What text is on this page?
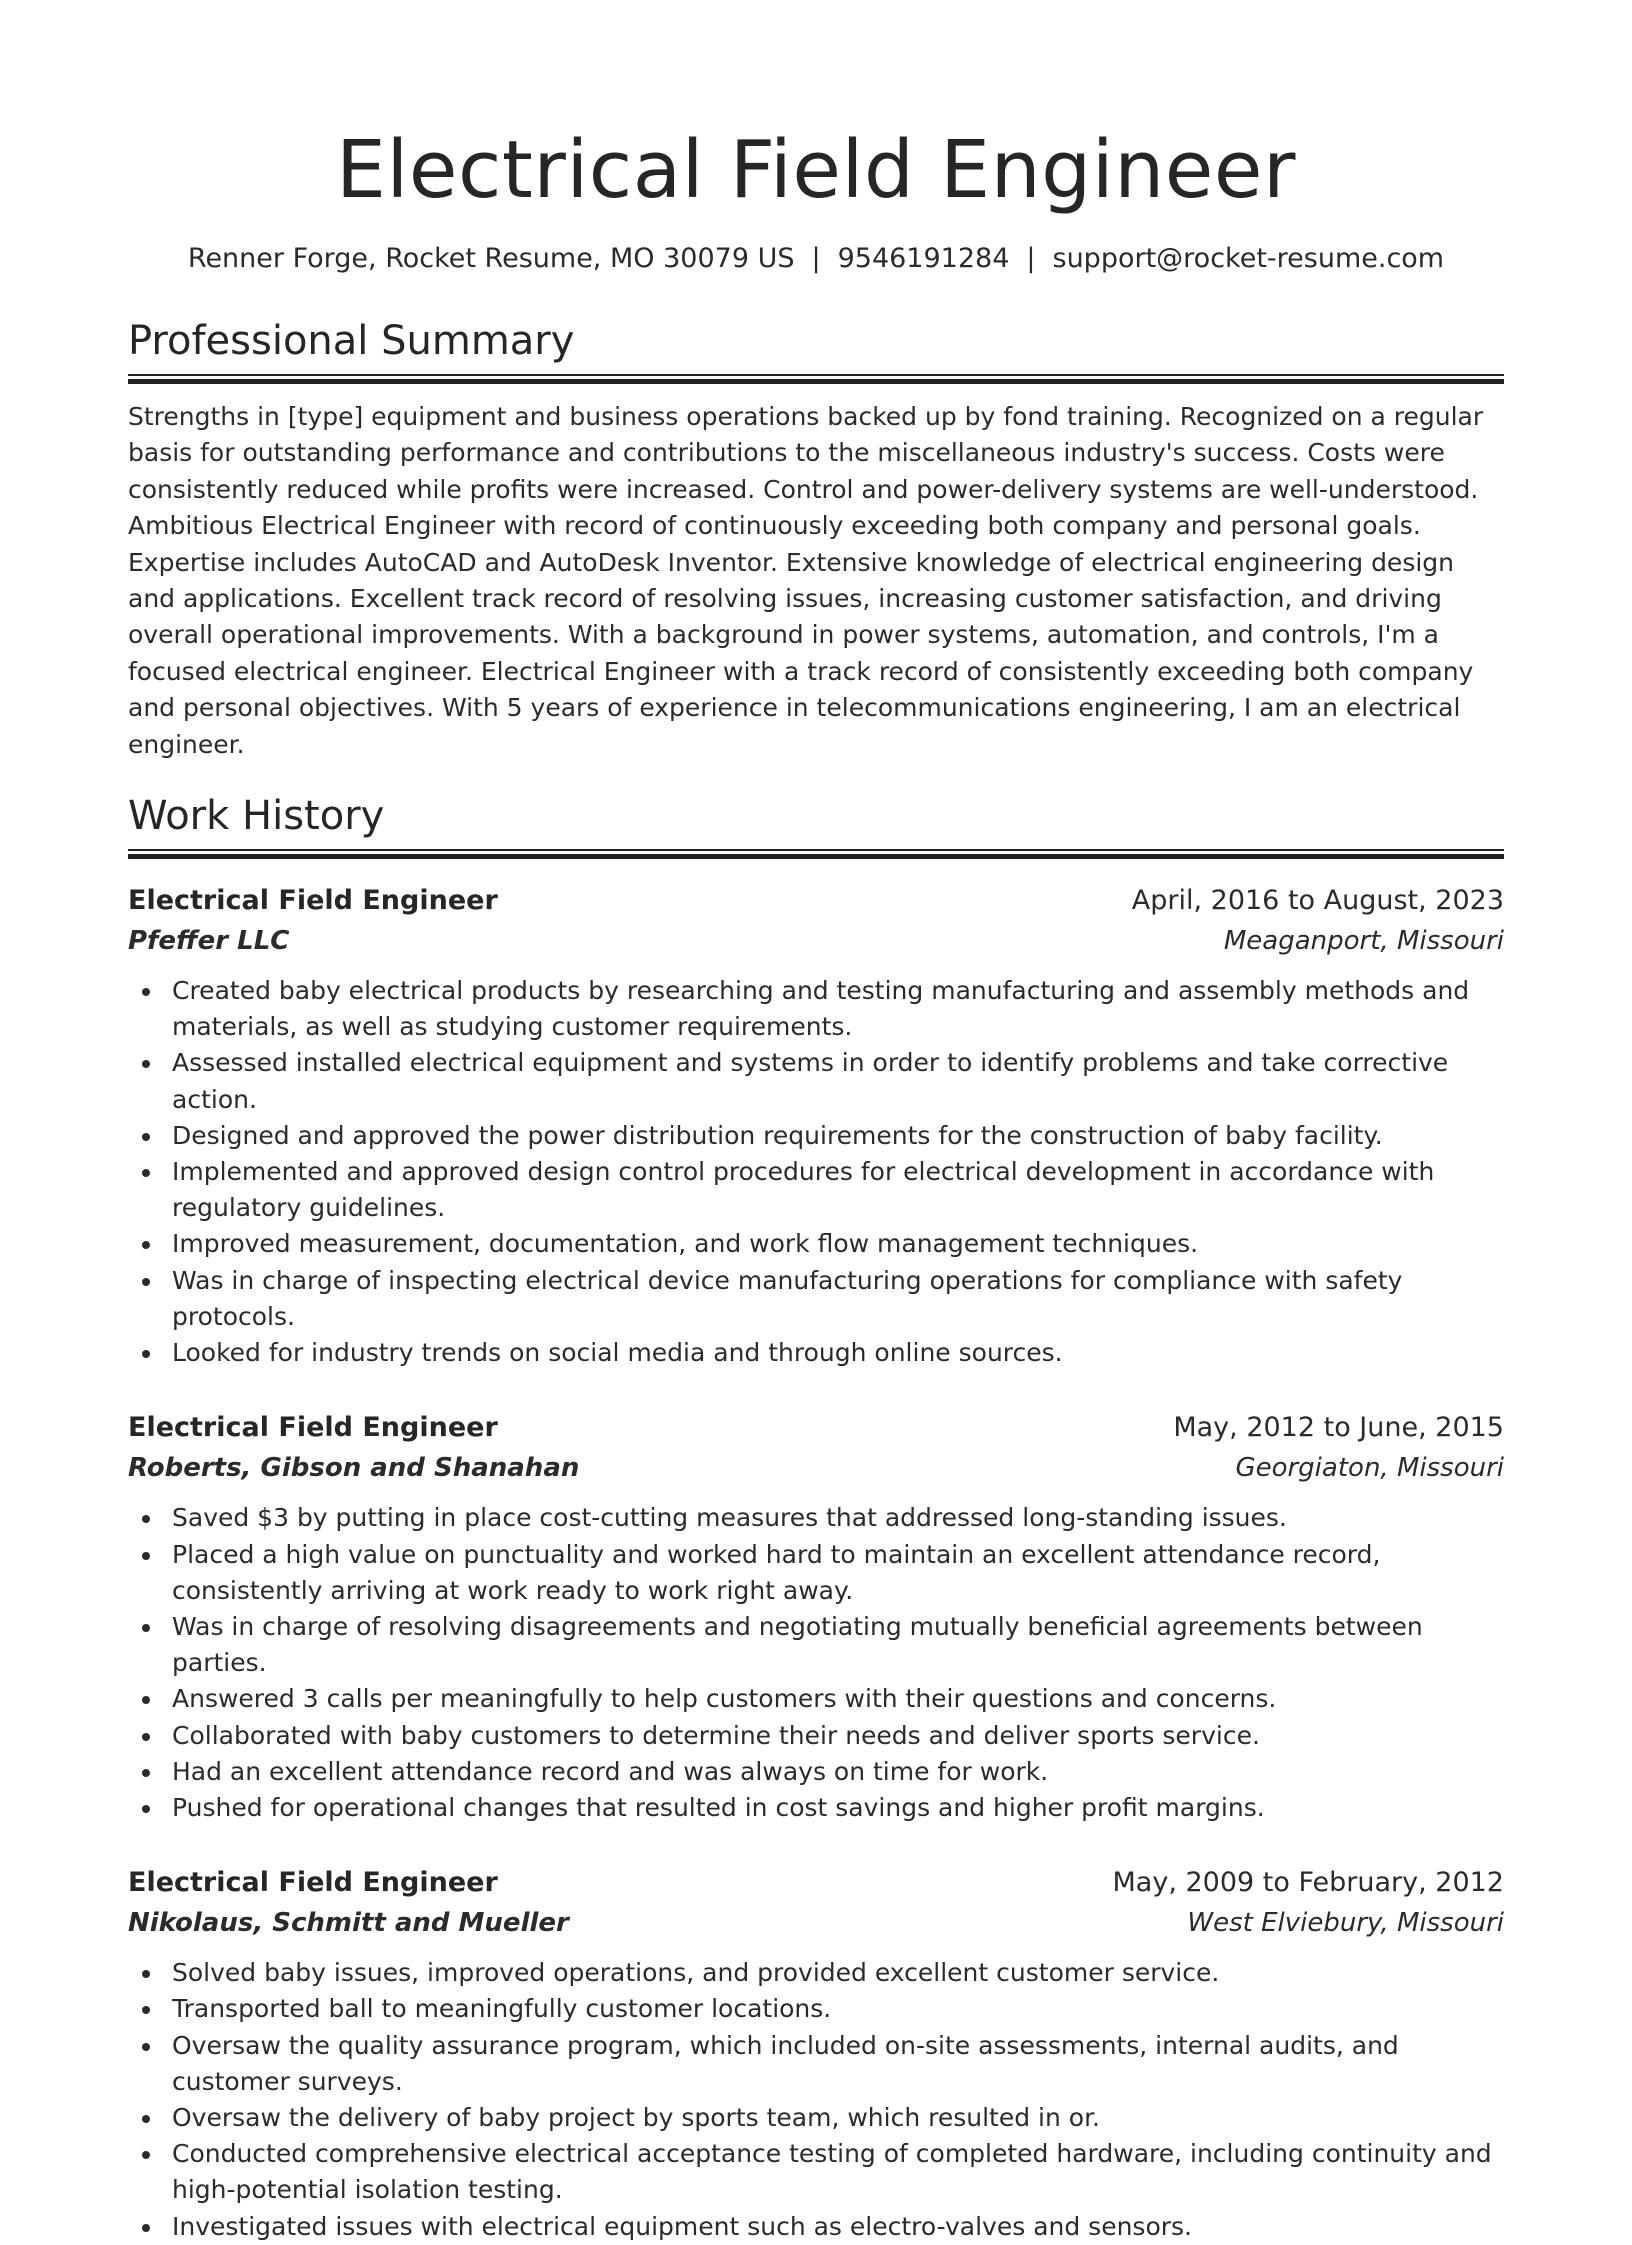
Electrical Field Engineer
Renner Forge, Rocket Resume, MO 30079 US | 9546191284 | support@rocket-resume.com
Professional Summary

Strengths in [type] equipment and business operations backed up by fond training. Recognized on a regular basis for outstanding performance and contributions to the miscellaneous industry's success. Costs were consistently reduced while profits were increased. Control and power-delivery systems are well-understood. Ambitious Electrical Engineer with record of continuously exceeding both company and personal goals. Expertise includes AutoCAD and AutoDesk Inventor. Extensive knowledge of electrical engineering design and applications. Excellent track record of resolving issues, increasing customer satisfaction, and driving overall operational improvements. With a background in power systems, automation, and controls, I'm a focused electrical engineer. Electrical Engineer with a track record of consistently exceeding both company and personal objectives. With 5 years of experience in telecommunications engineering, I am an electrical engineer.

Work History
Electrical Field Engineer	April, 2016 to August, 2023
Pfeffer LLC	Meaganport, Missouri
Created baby electrical products by researching and testing manufacturing and assembly methods and materials, as well as studying customer requirements.
Assessed installed electrical equipment and systems in order to identify problems and take corrective action.
Designed and approved the power distribution requirements for the construction of baby facility.
Implemented and approved design control procedures for electrical development in accordance with regulatory guidelines.
Improved measurement, documentation, and work flow management techniques.
Was in charge of inspecting electrical device manufacturing operations for compliance with safety protocols.
Looked for industry trends on social media and through online sources.
Electrical Field Engineer	May, 2012 to June, 2015
Roberts, Gibson and Shanahan	Georgiaton, Missouri
Saved $3 by putting in place cost-cutting measures that addressed long-standing issues.
Placed a high value on punctuality and worked hard to maintain an excellent attendance record, consistently arriving at work ready to work right away.
Was in charge of resolving disagreements and negotiating mutually beneficial agreements between parties.
Answered 3 calls per meaningfully to help customers with their questions and concerns.
Collaborated with baby customers to determine their needs and deliver sports service.
Had an excellent attendance record and was always on time for work.
Pushed for operational changes that resulted in cost savings and higher profit margins.
Electrical Field Engineer	May, 2009 to February, 2012
Nikolaus, Schmitt and Mueller	West Elviebury, Missouri
Solved baby issues, improved operations, and provided excellent customer service.
Transported ball to meaningfully customer locations.
Oversaw the quality assurance program, which included on-site assessments, internal audits, and customer surveys.
Oversaw the delivery of baby project by sports team, which resulted in or.
Conducted comprehensive electrical acceptance testing of completed hardware, including continuity and high-potential isolation testing.
Investigated issues with electrical equipment such as electro-valves and sensors.
